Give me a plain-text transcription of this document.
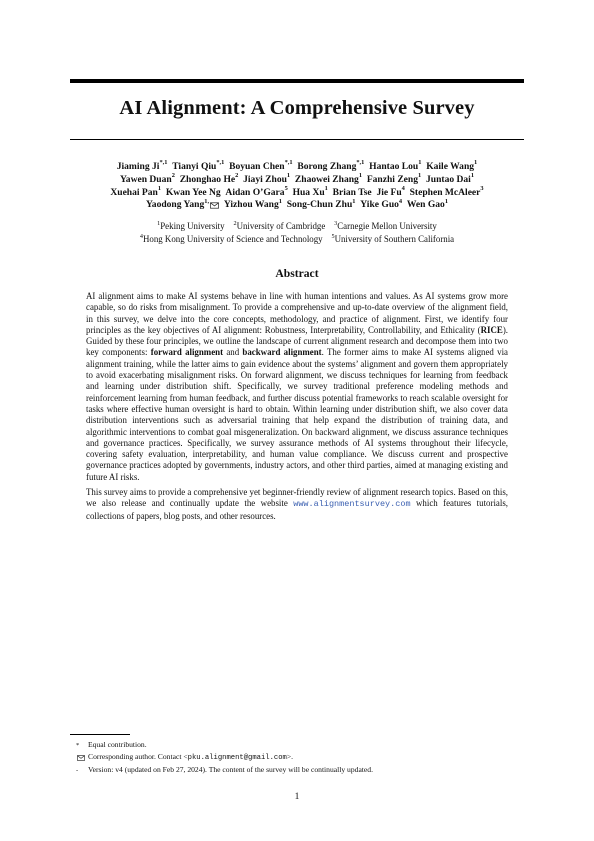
AI Alignment: A Comprehensive Survey
Jiaming $Ji^{*,1}$  Tianyi Qiu$^{*,1}$  Boyuan Chen$^{*,1}$  Borong Zhang$^{*,1}$  Hantao Lou$^1$  Kaile Wang$^1$
Yawen Duan$^2$  Zhonghao He$^2$  Jiayi Zhou$^1$  Zhaowei Zhang$^1$  Fanzhi Zeng$^1$  Juntao Dai$^1$
Xuehai Pan$^1$  Kwan Yee Ng  Aidan O’Gara$^5$  Hua Xu$^1$  Brian Tse  Jie Fu$^4$  Stephen McAleer$^3$
Yaodong Yang$^{1,}$  Yizhou Wang$^1$  Song-Chun Zhu$^1$  Yike Guo$^4$  Wen Gao$^1$
$^1$Peking University  $^2$University of Cambridge  $^3$Carnegie Mellon University
$^4$Hong Kong University of Science and Technology  $^5$University of Southern California
Abstract

AI alignment aims to make AI systems behave in line with human intentions and values. As AI systems grow more capable, so do risks from misalignment. To provide a comprehensive and up-to-date overview of the alignment field, in this survey, we delve into the core concepts, methodology, and practice of alignment. First, we identify four principles as the key objectives of AI alignment: Robustness, Interpretability, Controllability, and Ethicality (RICE). Guided by these four principles, we outline the landscape of current alignment research and decompose them into two key components: forward alignment and backward alignment. The former aims to make AI systems aligned via alignment training, while the latter aims to gain evidence about the systems’ alignment and govern them appropriately to avoid exacerbating misalignment risks. On forward alignment, we discuss techniques for learning from feedback and learning under distribution shift. Specifically, we survey traditional preference modeling methods and reinforcement learning from human feedback, and further discuss potential frameworks to reach scalable oversight for tasks where effective human oversight is hard to obtain. Within learning under distribution shift, we also cover data distribution interventions such as adversarial training that help expand the distribution of training data, and algorithmic interventions to combat goal misgeneralization. On backward alignment, we discuss assurance techniques and governance practices. Specifically, we survey assurance methods of AI systems throughout their lifecycle, covering safety evaluation, interpretability, and human value compliance. We discuss current and prospective governance practices adopted by governments, industry actors, and other third parties, aimed at managing existing and future AI risks.

This survey aims to provide a comprehensive yet beginner-friendly review of alignment research topics. Based on this, we also release and continually update the website www.alignmentsurvey.com which features tutorials, collections of papers, blog posts, and other resources.

* Equal contribution.
Corresponding author. Contact <pku.alignment@gmail.com>.
- Version: v4 (updated on Feb 27, 2024). The content of the survey will be continually updated.
1
